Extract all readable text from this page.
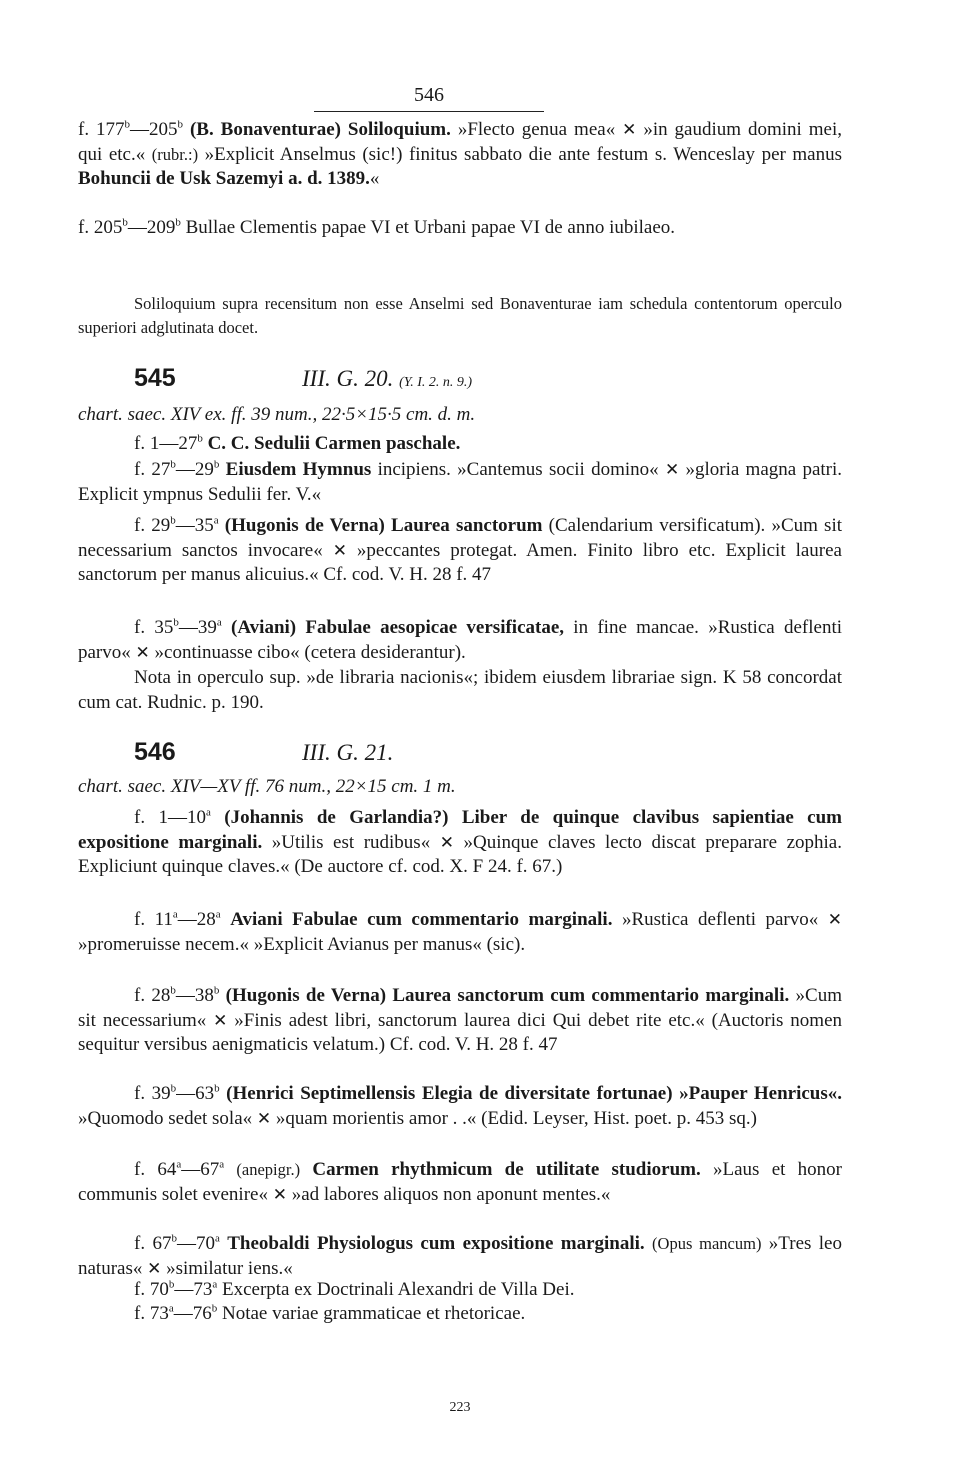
546
f. 177$^b$—205$^b$ (B. Bonaventurae) Soliloquium. »Flecto genua mea« ✕ »in gaudium domini mei, qui etc.« (rubr.:) »Explicit Anselmus (sic!) finitus sabbato die ante festum s. Wenceslay per manus Bohuncii de Usk Sazemyi a. d. 1389.«
f. 205$^b$—209$^b$ Bullae Clementis papae VI et Urbani papae VI de anno iubilaeo.
Soliloquium supra recensitum non esse Anselmi sed Bonaventurae iam schedula contentorum operculo superiori adglutinata docet.
545	III. G. 20. (Y. I. 2. n. 9.)
chart. saec. XIV ex. ff. 39 num., 22·5×15·5 cm. d. m.
f. 1—27$^b$ C. C. Sedulii Carmen paschale.
f. 27$^b$—29$^b$ Eiusdem Hymnus incipiens. »Cantemus socii domino« ✕ »gloria magna patri. Explicit ympnus Sedulii fer. V.«
f. 29$^b$—35$^a$ (Hugonis de Verna) Laurea sanctorum (Calendarium versificatum). »Cum sit necessarium sanctos invocare« ✕ »peccantes protegat. Amen. Finito libro etc. Explicit laurea sanctorum per manus alicuius.« Cf. cod. V. H. 28 f. 47
f. 35$^b$—39$^a$ (Aviani) Fabulae aesopicae versificatae, in fine mancae. »Rustica deflenti parvo« ✕ »continuasse cibo« (cetera desiderantur).
Nota in operculo sup. »de libraria nacionis«; ibidem eiusdem librariae sign. K 58 concordat cum cat. Rudnic. p. 190.
546	III. G. 21.
chart. saec. XIV—XV ff. 76 num., 22×15 cm. 1 m.
f. 1—10$^a$ (Johannis de Garlandia?) Liber de quinque clavibus sapientiae cum expositione marginali. »Utilis est rudibus« ✕ »Quinque claves lecto discat preparare zophia. Expliciunt quinque claves.« (De auctore cf. cod. X. F 24. f. 67.)
f. 11$^a$—28$^a$ Aviani Fabulae cum commentario marginali. »Rustica deflenti parvo« ✕ »promeruisse necem.« »Explicit Avianus per manus« (sic).
f. 28$^b$—38$^b$ (Hugonis de Verna) Laurea sanctorum cum commentario marginali. »Cum sit necessarium« ✕ »Finis adest libri, sanctorum laurea dici Qui debet rite etc.« (Auctoris nomen sequitur versibus aenigmaticis velatum.) Cf. cod. V. H. 28 f. 47
f. 39$^b$—63$^b$ (Henrici Septimellensis Elegia de diversitate fortunae) »Pauper Henricus«. »Quomodo sedet sola« ✕ »quam morientis amor . .« (Edid. Leyser, Hist. poet. p. 453 sq.)
f. 64$^a$—67$^a$ (anepigr.) Carmen rhythmicum de utilitate studiorum. »Laus et honor communis solet evenire« ✕ »ad labores aliquos non aponunt mentes.«
f. 67$^b$—70$^a$ Theobaldi Physiologus cum expositione marginali. (Opus mancum) »Tres leo naturas« ✕ »similatur iens.«
f. 70$^b$—73$^a$ Excerpta ex Doctrinali Alexandri de Villa Dei.
f. 73$^a$—76$^b$ Notae variae grammaticae et rhetoricae.
223
